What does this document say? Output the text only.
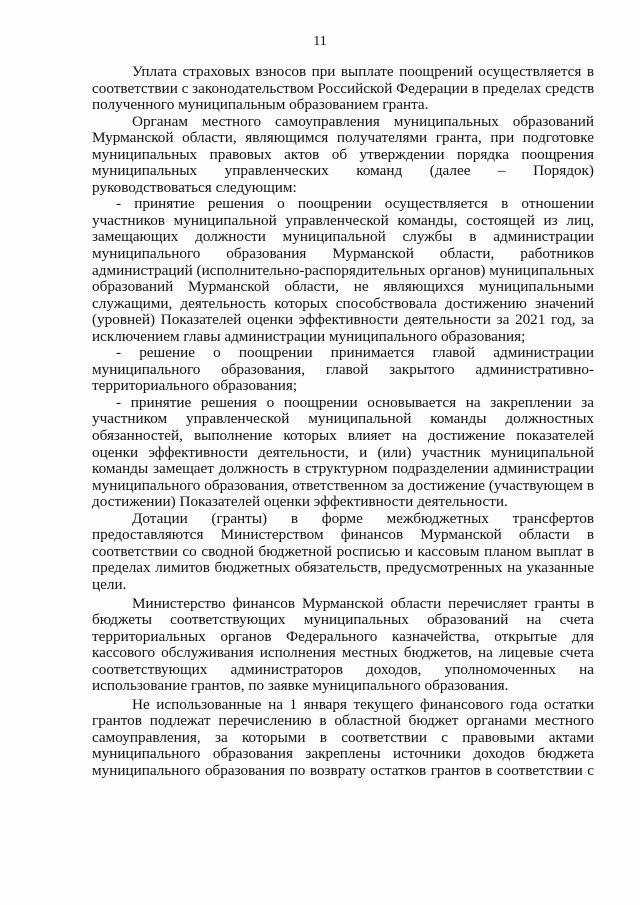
11
Уплата страховых взносов при выплате поощрений осуществляется в
соответствии с законодательством Российской Федерации в пределах средств
полученного муниципальным образованием гранта.
Органам местного самоуправления муниципальных образований
Мурманской области, являющимся получателями гранта, при подготовке
муниципальных правовых актов об утверждении порядка поощрения
муниципальных управленческих команд (далее – Порядок)
руководствоваться следующим:
- принятие решения о поощрении осуществляется в отношении
участников муниципальной управленческой команды, состоящей из лиц,
замещающих должности муниципальной службы в администрации
муниципального образования Мурманской области, работников
администраций (исполнительно-распорядительных органов) муниципальных
образований Мурманской области, не являющихся муниципальными
служащими, деятельность которых способствовала достижению значений
(уровней) Показателей оценки эффективности деятельности за 2021 год, за
исключением главы администрации муниципального образования;
- решение о поощрении принимается главой администрации
муниципального образования, главой закрытого административно-
территориального образования;
- принятие решения о поощрении основывается на закреплении за
участником управленческой муниципальной команды должностных
обязанностей, выполнение которых влияет на достижение показателей
оценки эффективности деятельности, и (или) участник муниципальной
команды замещает должность в структурном подразделении администрации
муниципального образования, ответственном за достижение (участвующем в
достижении) Показателей оценки эффективности деятельности.
Дотации (гранты) в форме межбюджетных трансфертов
предоставляются Министерством финансов Мурманской области в
соответствии со сводной бюджетной росписью и кассовым планом выплат в
пределах лимитов бюджетных обязательств, предусмотренных на указанные
цели.
Министерство финансов Мурманской области перечисляет гранты в
бюджеты соответствующих муниципальных образований на счета
территориальных органов Федерального казначейства, открытые для
кассового обслуживания исполнения местных бюджетов, на лицевые счета
соответствующих администраторов доходов, уполномоченных на
использование грантов, по заявке муниципального образования.
Не использованные на 1 января текущего финансового года остатки
грантов подлежат перечислению в областной бюджет органами местного
самоуправления, за которыми в соответствии с правовыми актами
муниципального образования закреплены источники доходов бюджета
муниципального образования по возврату остатков грантов в соответствии с
